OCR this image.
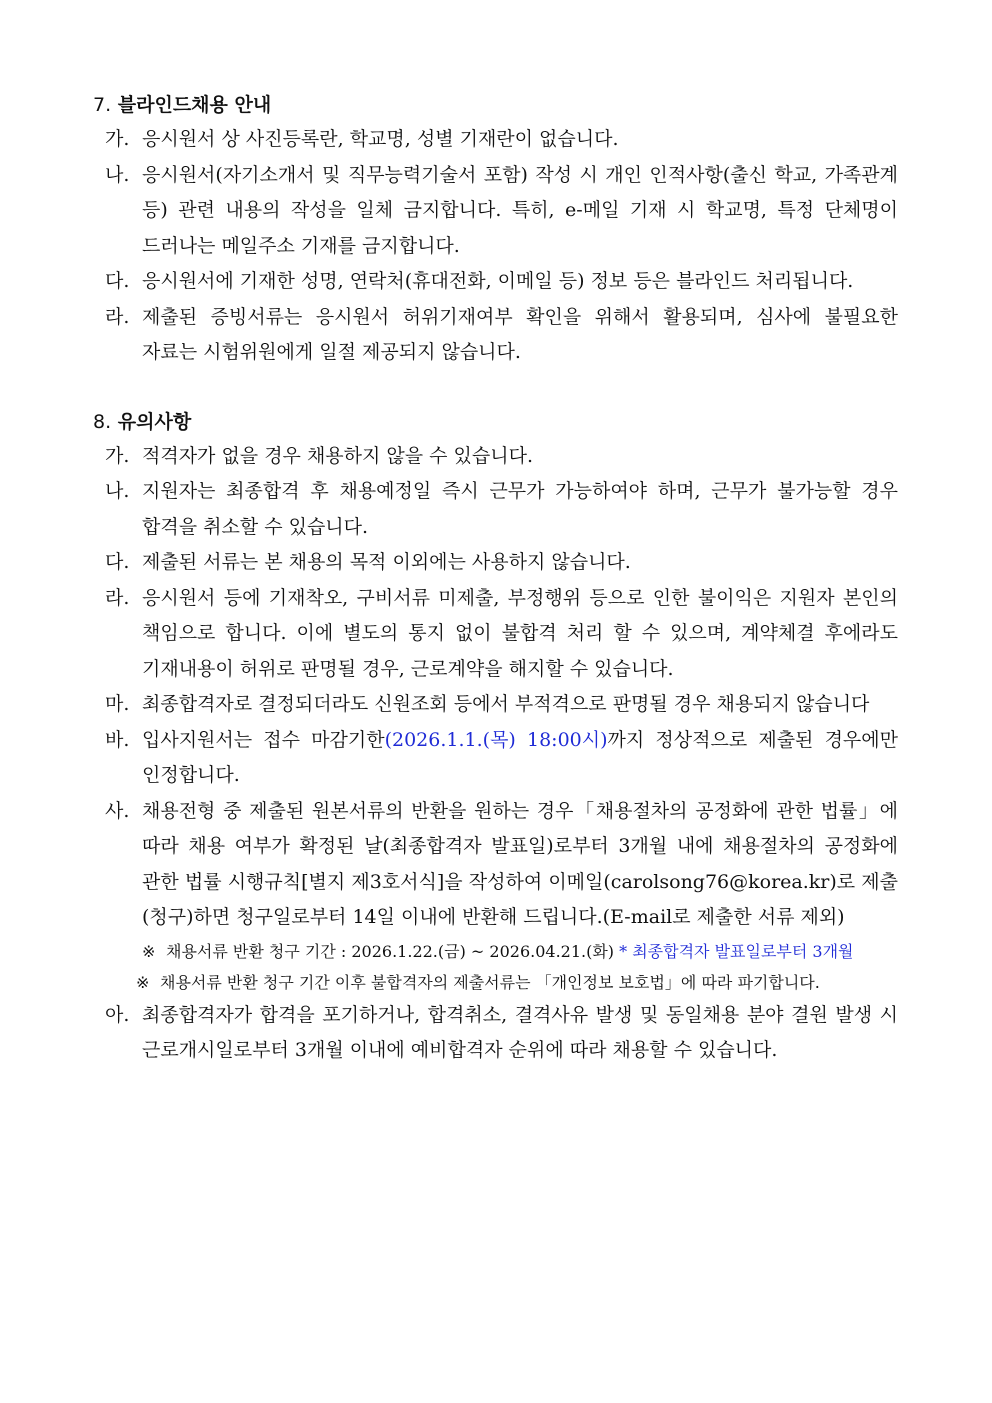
7. 블라인드채용 안내
가. 응시원서 상 사진등록란, 학교명, 성별 기재란이 없습니다.
나. 응시원서(자기소개서 및 직무능력기술서 포함) 작성 시 개인 인적사항(출신 학교, 가족관계 등) 관련 내용의 작성을 일체 금지합니다. 특히, e-메일 기재 시 학교명, 특정 단체명이 드러나는 메일주소 기재를 금지합니다.
다. 응시원서에 기재한 성명, 연락처(휴대전화, 이메일 등) 정보 등은 블라인드 처리됩니다.
라. 제출된 증빙서류는 응시원서 허위기재여부 확인을 위해서 활용되며, 심사에 불필요한 자료는 시험위원에게 일절 제공되지 않습니다.
8. 유의사항
가. 적격자가 없을 경우 채용하지 않을 수 있습니다.
나. 지원자는 최종합격 후 채용예정일 즉시 근무가 가능하여야 하며, 근무가 불가능할 경우 합격을 취소할 수 있습니다.
다. 제출된 서류는 본 채용의 목적 이외에는 사용하지 않습니다.
라. 응시원서 등에 기재착오, 구비서류 미제출, 부정행위 등으로 인한 불이익은 지원자 본인의 책임으로 합니다. 이에 별도의 통지 없이 불합격 처리 할 수 있으며, 계약체결 후에라도 기재내용이 허위로 판명될 경우, 근로계약을 해지할 수 있습니다.
마. 최종합격자로 결정되더라도 신원조회 등에서 부적격으로 판명될 경우 채용되지 않습니다
바. 입사지원서는 접수 마감기한(2026.1.1.(목) 18:00시)까지 정상적으로 제출된 경우에만 인정합니다.
사. 채용전형 중 제출된 원본서류의 반환을 원하는 경우「채용절차의 공정화에 관한 법률」에 따라 채용 여부가 확정된 날(최종합격자 발표일)로부터 3개월 내에 채용절차의 공정화에 관한 법률 시행규칙[별지 제3호서식]을 작성하여 이메일(carolsong76@korea.kr)로 제출(청구)하면 청구일로부터 14일 이내에 반환해 드립니다.(E-mail로 제출한 서류 제외)
※ 채용서류 반환 청구 기간 : 2026.1.22.(금) ~ 2026.04.21.(화) * 최종합격자 발표일로부터 3개월
※ 채용서류 반환 청구 기간 이후 불합격자의 제출서류는 「개인정보 보호법」에 따라 파기합니다.
아. 최종합격자가 합격을 포기하거나, 합격취소, 결격사유 발생 및 동일채용 분야 결원 발생 시 근로개시일로부터 3개월 이내에 예비합격자 순위에 따라 채용할 수 있습니다.
